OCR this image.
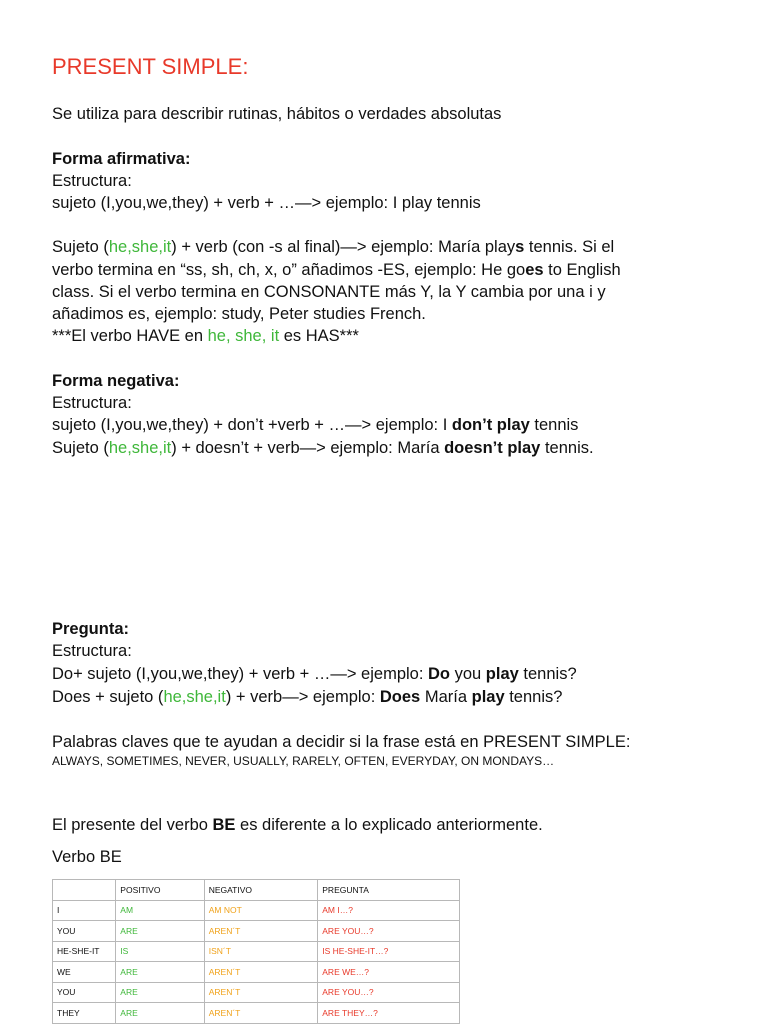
PRESENT SIMPLE:
Se utiliza para describir rutinas, hábitos o verdades absolutas
Forma afirmativa:
Estructura:
sujeto (I,you,we,they) + verb + …—> ejemplo: I play tennis
Sujeto (he,she,it) + verb (con -s al final)—> ejemplo: María plays tennis. Si el
verbo termina en “ss, sh, ch, x, o” añadimos -ES, ejemplo: He goes to English
class. Si el verbo termina en CONSONANTE más Y, la Y cambia por una i y
añadimos es, ejemplo: study, Peter studies French.
***El verbo HAVE en he, she, it es HAS***
Forma negativa:
Estructura:
sujeto (I,you,we,they) + don’t +verb + …—> ejemplo: I don’t play tennis
Sujeto (he,she,it) + doesn’t + verb—> ejemplo: María doesn’t play tennis.
Pregunta:
Estructura:
Do+ sujeto (I,you,we,they) + verb + …—> ejemplo: Do you play tennis?
Does + sujeto (he,she,it) + verb—> ejemplo: Does María play tennis?
Palabras claves que te ayudan a decidir si la frase está en PRESENT SIMPLE:
ALWAYS, SOMETIMES, NEVER, USUALLY, RARELY, OFTEN, EVERYDAY, ON MONDAYS…
El presente del verbo BE es diferente a lo explicado anteriormente.
Verbo BE
	POSITIVO	NEGATIVO	PREGUNTA
I	AM	AM NOT	AM I…?
YOU	ARE	AREN´T	ARE YOU…?
HE-SHE-IT	IS	ISN´T	IS HE-SHE-IT…?
WE	ARE	AREN´T	ARE WE…?
YOU	ARE	AREN´T	ARE YOU…?
THEY	ARE	AREN´T	ARE THEY…?
